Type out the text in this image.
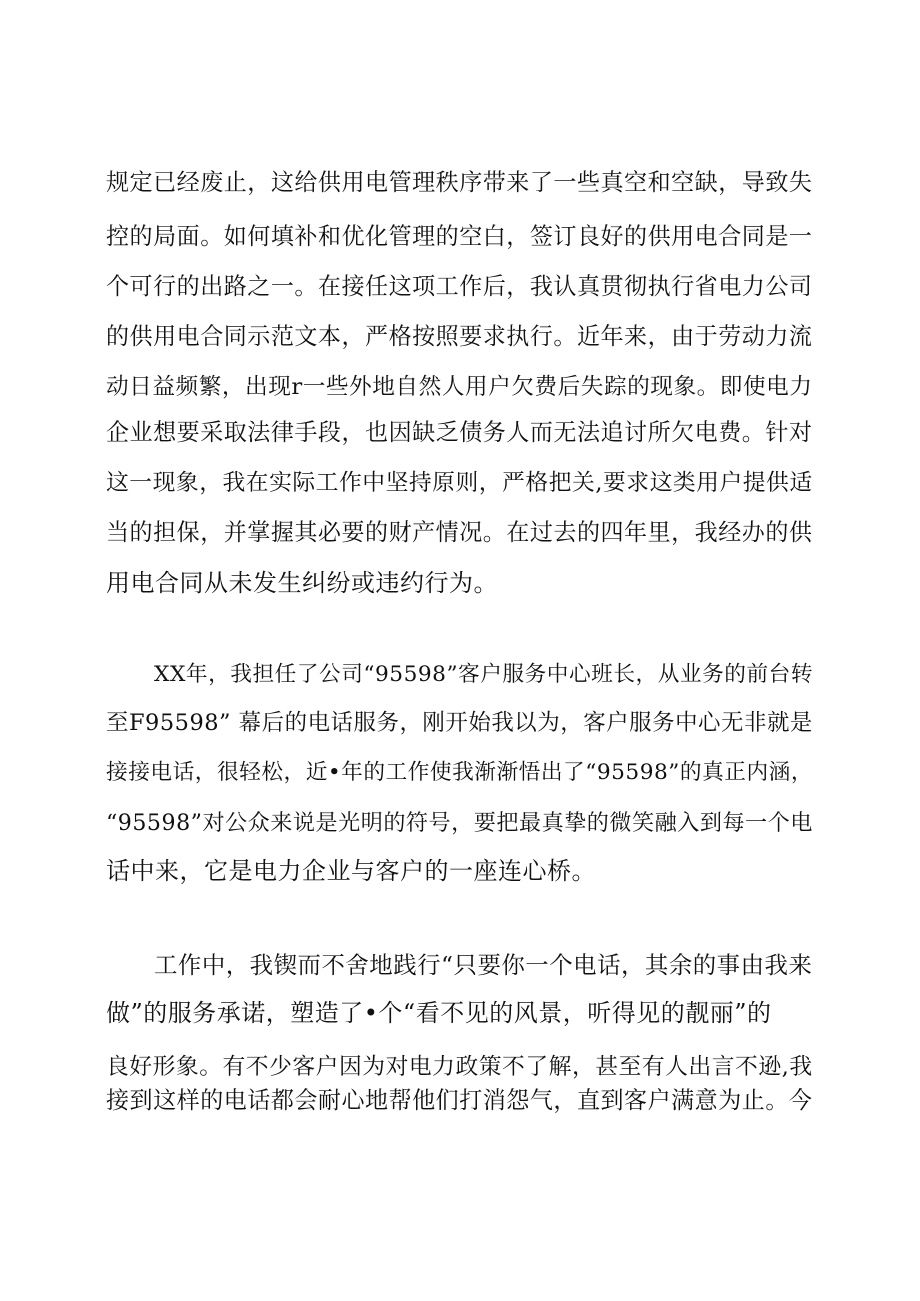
规定已经废止，这给供用电管理秩序带来了一些真空和空缺，导致失
控的局面。如何填补和优化管理的空白，签订良好的供用电合同是一
个可行的出路之一。在接任这项工作后，我认真贯彻执行省电力公司
的供用电合同示范文本，严格按照要求执行。近年来，由于劳动力流
动日益频繁，出现r一些外地自然人用户欠费后失踪的现象。即使电力
企业想要采取法律手段，也因缺乏债务人而无法追讨所欠电费。针对
这一现象，我在实际工作中坚持原则，严格把关,要求这类用户提供适
当的担保，并掌握其必要的财产情况。在过去的四年里，我经办的供
用电合同从未发生纠纷或违约行为。
XX年，我担任了公司“95598”客户服务中心班长，从业务的前台转
至F95598” 幕后的电话服务，刚开始我以为，客户服务中心无非就是
接接电话，很轻松，近•年的工作使我渐渐悟出了“95598”的真正内涵，
“95598”对公众来说是光明的符号，要把最真挚的微笑融入到每一个电
话中来，它是电力企业与客户的一座连心桥。
工作中，我锲而不舍地践行“只要你一个电话，其余的事由我来
做”的服务承诺，塑造了•个“看不见的风景，听得见的靓丽”的
良好形象。有不少客户因为对电力政策不了解，甚至有人出言不逊,我
接到这样的电话都会耐心地帮他们打消怨气，直到客户满意为止。今
